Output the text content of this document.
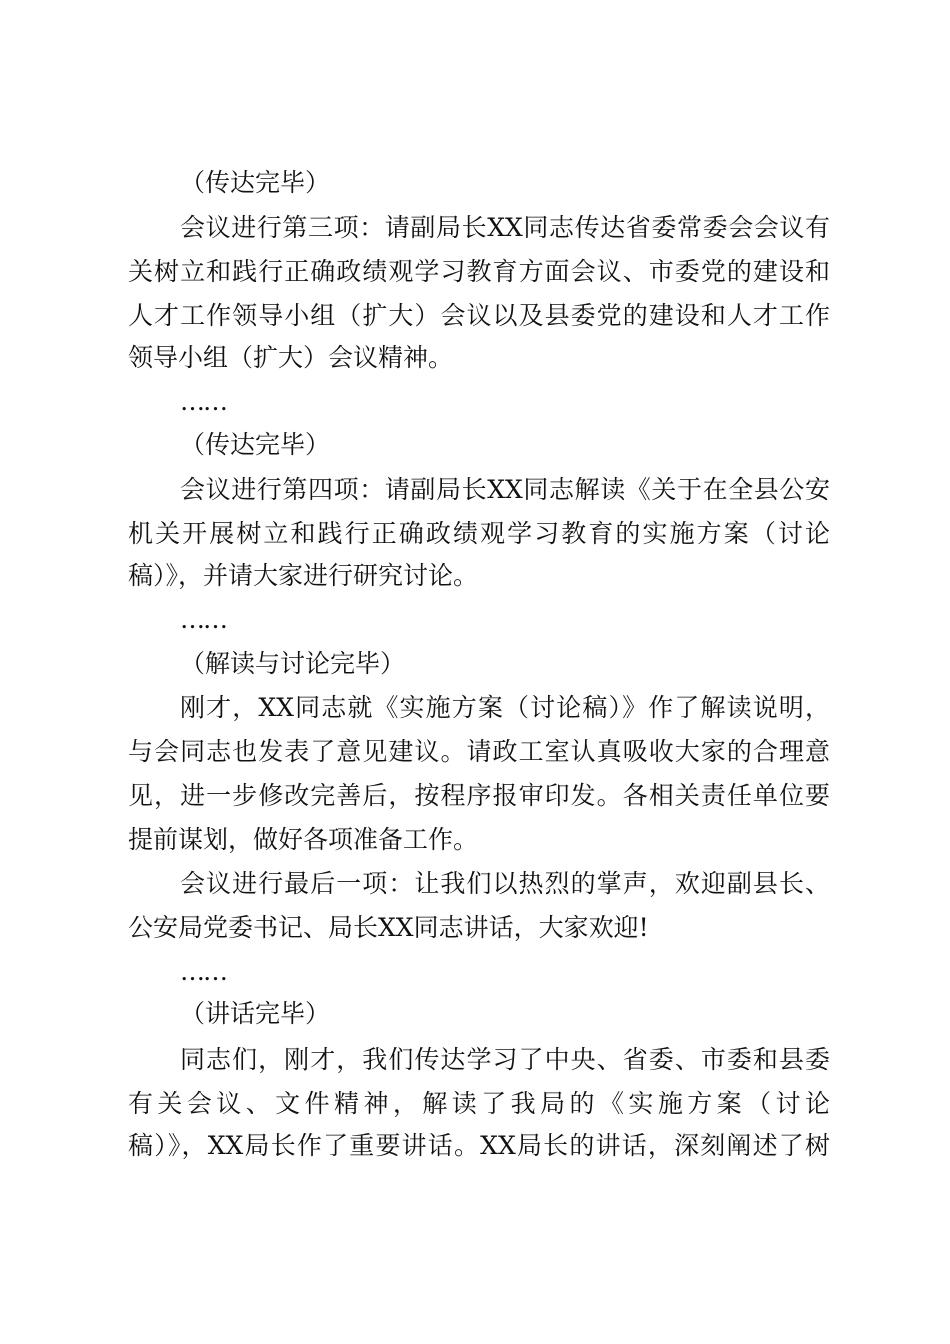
（传达完毕）
会议进行第三项：请副局长XX同志传达省委常委会会议有
关树立和践行正确政绩观学习教育方面会议、市委党的建设和
人才工作领导小组（扩大）会议以及县委党的建设和人才工作
领导小组（扩大）会议精神。
……
（传达完毕）
会议进行第四项：请副局长XX同志解读《关于在全县公安
机关开展树立和践行正确政绩观学习教育的实施方案（讨论
稿）》，并请大家进行研究讨论。
……
（解读与讨论完毕）
刚才，XX同志就《实施方案（讨论稿）》作了解读说明，
与会同志也发表了意见建议。请政工室认真吸收大家的合理意
见，进一步修改完善后，按程序报审印发。各相关责任单位要
提前谋划，做好各项准备工作。
会议进行最后一项：让我们以热烈的掌声，欢迎副县长、
公安局党委书记、局长XX同志讲话，大家欢迎!
……
（讲话完毕）
同志们，刚才，我们传达学习了中央、省委、市委和县委
有关会议、文件精神，解读了我局的《实施方案（讨论
稿）》，XX局长作了重要讲话。XX局长的讲话，深刻阐述了树
